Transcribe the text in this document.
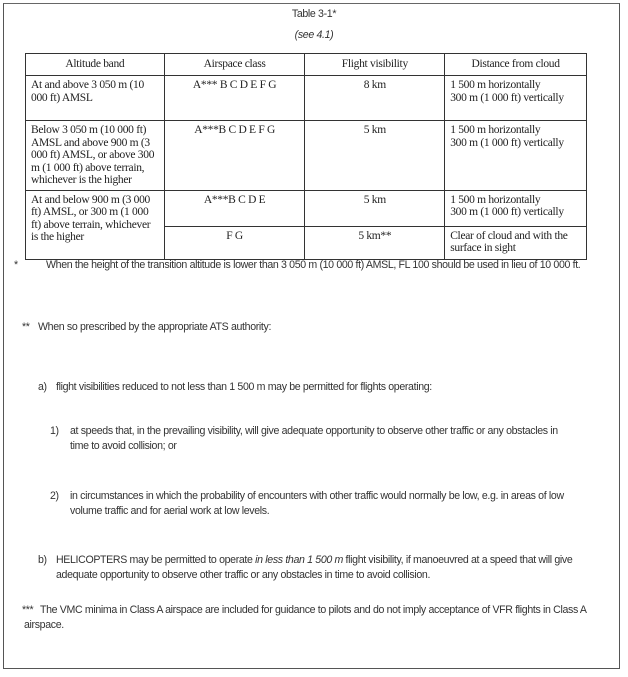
Table 3-1*
(see 4.1)
Altitude band	Airspace class	Flight visibility	Distance from cloud
At and above 3 050 m (10 000 ft) AMSL	A*** B C D E F G	8 km	1 500 m horizontally
300 m (1 000 ft) vertically

Below 3 050 m (10 000 ft) AMSL and above 900 m (3 000 ft) AMSL, or above 300 m (1 000 ft) above terrain, whichever is the higher	A***B C D E F G	5 km	1 500 m horizontally
300 m (1 000 ft) vertically

At and below 900 m (3 000 ft) AMSL, or 300 m (1 000 ft) above terrain, whichever is the higher	A***B C D E	5 km	1 500 m horizontally
300 m (1 000 ft) vertically

	F G	5 km**	Clear of cloud and with the surface in sight
*	When the height of the transition altitude is lower than 3 050 m (10 000 ft) AMSL, FL 100 should be used in lieu of 10 000 ft.
** When so prescribed by the appropriate ATS authority:
a) flight visibilities reduced to not less than 1 500 m may be permitted for flights operating:
1) at speeds that, in the prevailing visibility, will give adequate opportunity to observe other traffic or any obstacles in time to avoid collision; or
2) in circumstances in which the probability of encounters with other traffic would normally be low, e.g. in areas of low volume traffic and for aerial work at low levels.
b) HELICOPTERS may be permitted to operate in less than 1 500 m flight visibility, if manoeuvred at a speed that will give adequate opportunity to observe other traffic or any obstacles in time to avoid collision.
*** The VMC minima in Class A airspace are included for guidance to pilots and do not imply acceptance of VFR flights in Class A airspace.
